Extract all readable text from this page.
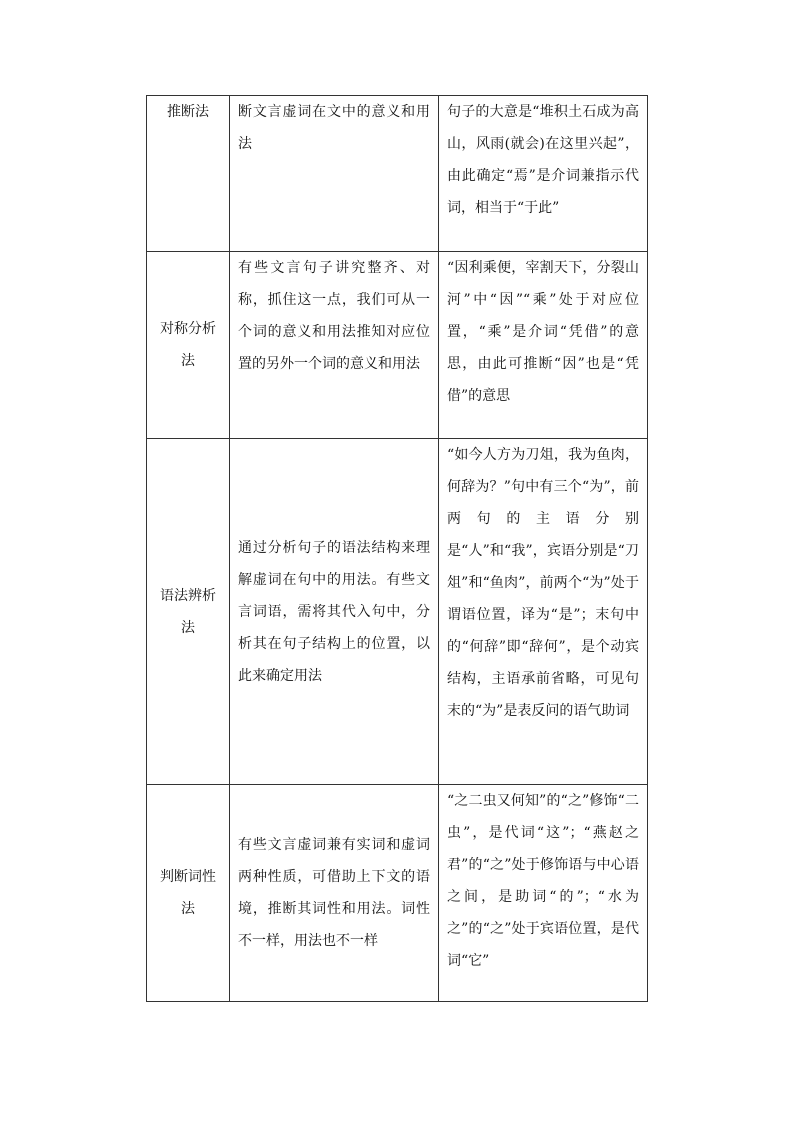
推断法	断文言虚词在文中的意义和用法	句子的大意是“堆积土石成为高山，风雨(就会)在这里兴起”，由此确定“焉”是介词兼指示代词，相当于“于此”
对称分析法	有些文言句子讲究整齐、对称，抓住这一点，我们可从一个词的意义和用法推知对应位置的另外一个词的意义和用法	“因利乘便，宰割天下，分裂山河”中“因”“乘”处于对应位置，“乘”是介词“凭借”的意思，由此可推断“因”也是“凭借”的意思
语法辨析法	通过分析句子的语法结构来理解虚词在句中的用法。有些文言词语，需将其代入句中，分析其在句子结构上的位置，以此来确定用法	“如今人方为刀俎，我为鱼肉，何辞为？”句中有三个“为”，前两句的主语分别是“人”和“我”，宾语分别是“刀俎”和“鱼肉”，前两个“为”处于谓语位置，译为“是”；末句中的“何辞”即“辞何”，是个动宾结构，主语承前省略，可见句末的“为”是表反问的语气助词
判断词性法	有些文言虚词兼有实词和虚词两种性质，可借助上下文的语境，推断其词性和用法。词性不一样，用法也不一样	“之二虫又何知”的“之”修饰“二虫”，是代词“这”；“燕赵之君”的“之”处于修饰语与中心语之间，是助词“的”；“水为之”的“之”处于宾语位置，是代词“它”
